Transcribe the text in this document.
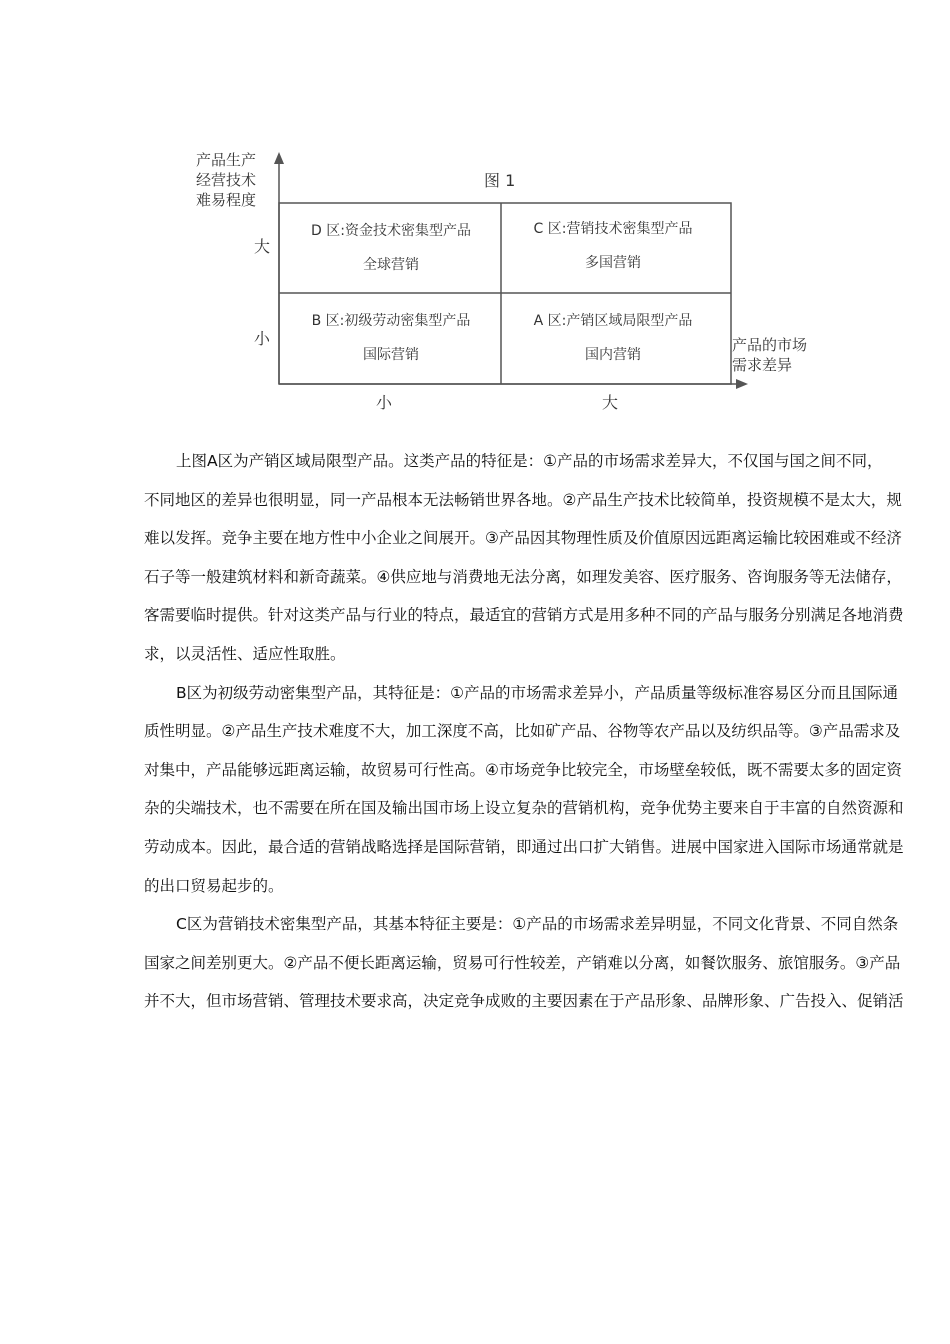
产品生产
经营技术
难易程度
图 1
大
小
小	大
产品的市场
需求差异
D 区:资金技术密集型产品
全球营销
C 区:营销技术密集型产品
多国营销
B 区:初级劳动密集型产品
国际营销
A 区:产销区域局限型产品
国内营销

上图A区为产销区域局限型产品。这类产品的特征是：①产品的市场需求差异大，不仅国与国之间不同，
不同地区的差异也很明显，同一产品根本无法畅销世界各地。②产品生产技术比较简单，投资规模不是太大，规
难以发挥。竞争主要在地方性中小企业之间展开。③产品因其物理性质及价值原因远距离运输比较困难或不经济
石子等一般建筑材料和新奇蔬菜。④供应地与消费地无法分离，如理发美容、医疗服务、咨询服务等无法储存，
客需要临时提供。针对这类产品与行业的特点，最适宜的营销方式是用多种不同的产品与服务分别满足各地消费
求，以灵活性、适应性取胜。

B区为初级劳动密集型产品，其特征是：①产品的市场需求差异小，产品质量等级标准容易区分而且国际通
质性明显。②产品生产技术难度不大，加工深度不高，比如矿产品、谷物等农产品以及纺织品等。③产品需求及
对集中，产品能够远距离运输，故贸易可行性高。④市场竞争比较完全，市场壁垒较低，既不需要太多的固定资
杂的尖端技术，也不需要在所在国及输出国市场上设立复杂的营销机构，竞争优势主要来自于丰富的自然资源和
劳动成本。因此，最合适的营销战略选择是国际营销，即通过出口扩大销售。进展中国家进入国际市场通常就是
的出口贸易起步的。

C区为营销技术密集型产品，其基本特征主要是：①产品的市场需求差异明显，不同文化背景、不同自然条
国家之间差别更大。②产品不便长距离运输，贸易可行性较差，产销难以分离，如餐饮服务、旅馆服务。③产品
并不大，但市场营销、管理技术要求高，决定竞争成败的主要因素在于产品形象、品牌形象、广告投入、促销活
